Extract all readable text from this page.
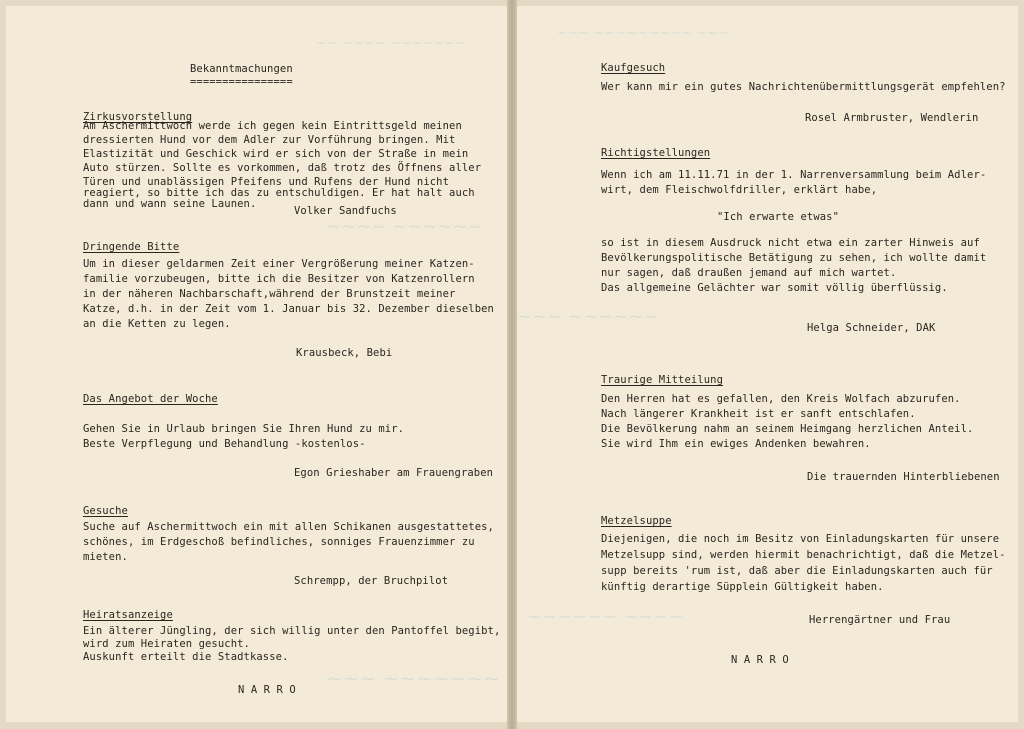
~~ ~~~~ ~~~~~~~
~~~~ ~~~~~~
~~~ ~~~~~~~
Bekanntmachungen
================
Zirkusvorstellung
Am Aschermittwoch werde ich gegen kein Eintrittsgeld meinen
dressierten Hund vor dem Adler zur Vorführung bringen. Mit
Elastizität und Geschick wird er sich von der Straße in mein
Auto stürzen. Sollte es vorkommen, daß trotz des Öffnens aller
Türen und unablässigen Pfeifens und Rufens der Hund nicht
reagiert, so bitte ich das zu entschuldigen. Er hat halt auch
dann und wann seine Launen.
Volker Sandfuchs
Dringende Bitte
Um in dieser geldarmen Zeit einer Vergrößerung meiner Katzen-
familie vorzubeugen, bitte ich die Besitzer von Katzenrollern
in der näheren Nachbarschaft,während der Brunstzeit meiner
Katze, d.h. in der Zeit vom 1. Januar bis 32. Dezember dieselben
an die Ketten zu legen.
Krausbeck, Bebi
Das Angebot der Woche
Gehen Sie in Urlaub bringen Sie Ihren Hund zu mir.
Beste Verpflegung und Behandlung -kostenlos-
Egon Grieshaber am Frauengraben
Gesuche
Suche auf Aschermittwoch ein mit allen Schikanen ausgestattetes,
schönes, im Erdgeschoß befindliches, sonniges Frauenzimmer zu
mieten.
Schrempp, der Bruchpilot
Heiratsanzeige
Ein älterer Jüngling, der sich willig unter den Pantoffel begibt,
wird zum Heiraten gesucht.
Auskunft erteilt die Stadtkasse.
N A R R O
~~~ ~~~~~~~~~ ~~~
~~~ ~~~~~~
~~~~~~ ~~~~
Kaufgesuch
Wer kann mir ein gutes Nachrichtenübermittlungsgerät empfehlen?
Rosel Armbruster, Wendlerin
Richtigstellungen
Wenn ich am 11.11.71 in der 1. Narrenversammlung beim Adler-
wirt, dem Fleischwolfdriller, erklärt habe,
"Ich erwarte etwas"
so ist in diesem Ausdruck nicht etwa ein zarter Hinweis auf
Bevölkerungspolitische Betätigung zu sehen, ich wollte damit
nur sagen, daß draußen jemand auf mich wartet.
Das allgemeine Gelächter war somit völlig überflüssig.
Helga Schneider, DAK
Traurige Mitteilung
Den Herren hat es gefallen, den Kreis Wolfach abzurufen.
Nach längerer Krankheit ist er sanft entschlafen.
Die Bevölkerung nahm an seinem Heimgang herzlichen Anteil.
Sie wird Ihm ein ewiges Andenken bewahren.
Die trauernden Hinterbliebenen
Metzelsuppe
Diejenigen, die noch im Besitz von Einladungskarten für unsere
Metzelsupp sind, werden hiermit benachrichtigt, daß die Metzel-
supp bereits 'rum ist, daß aber die Einladungskarten auch für
künftig derartige Süpplein Gültigkeit haben.
Herrengärtner und Frau
N A R R O
